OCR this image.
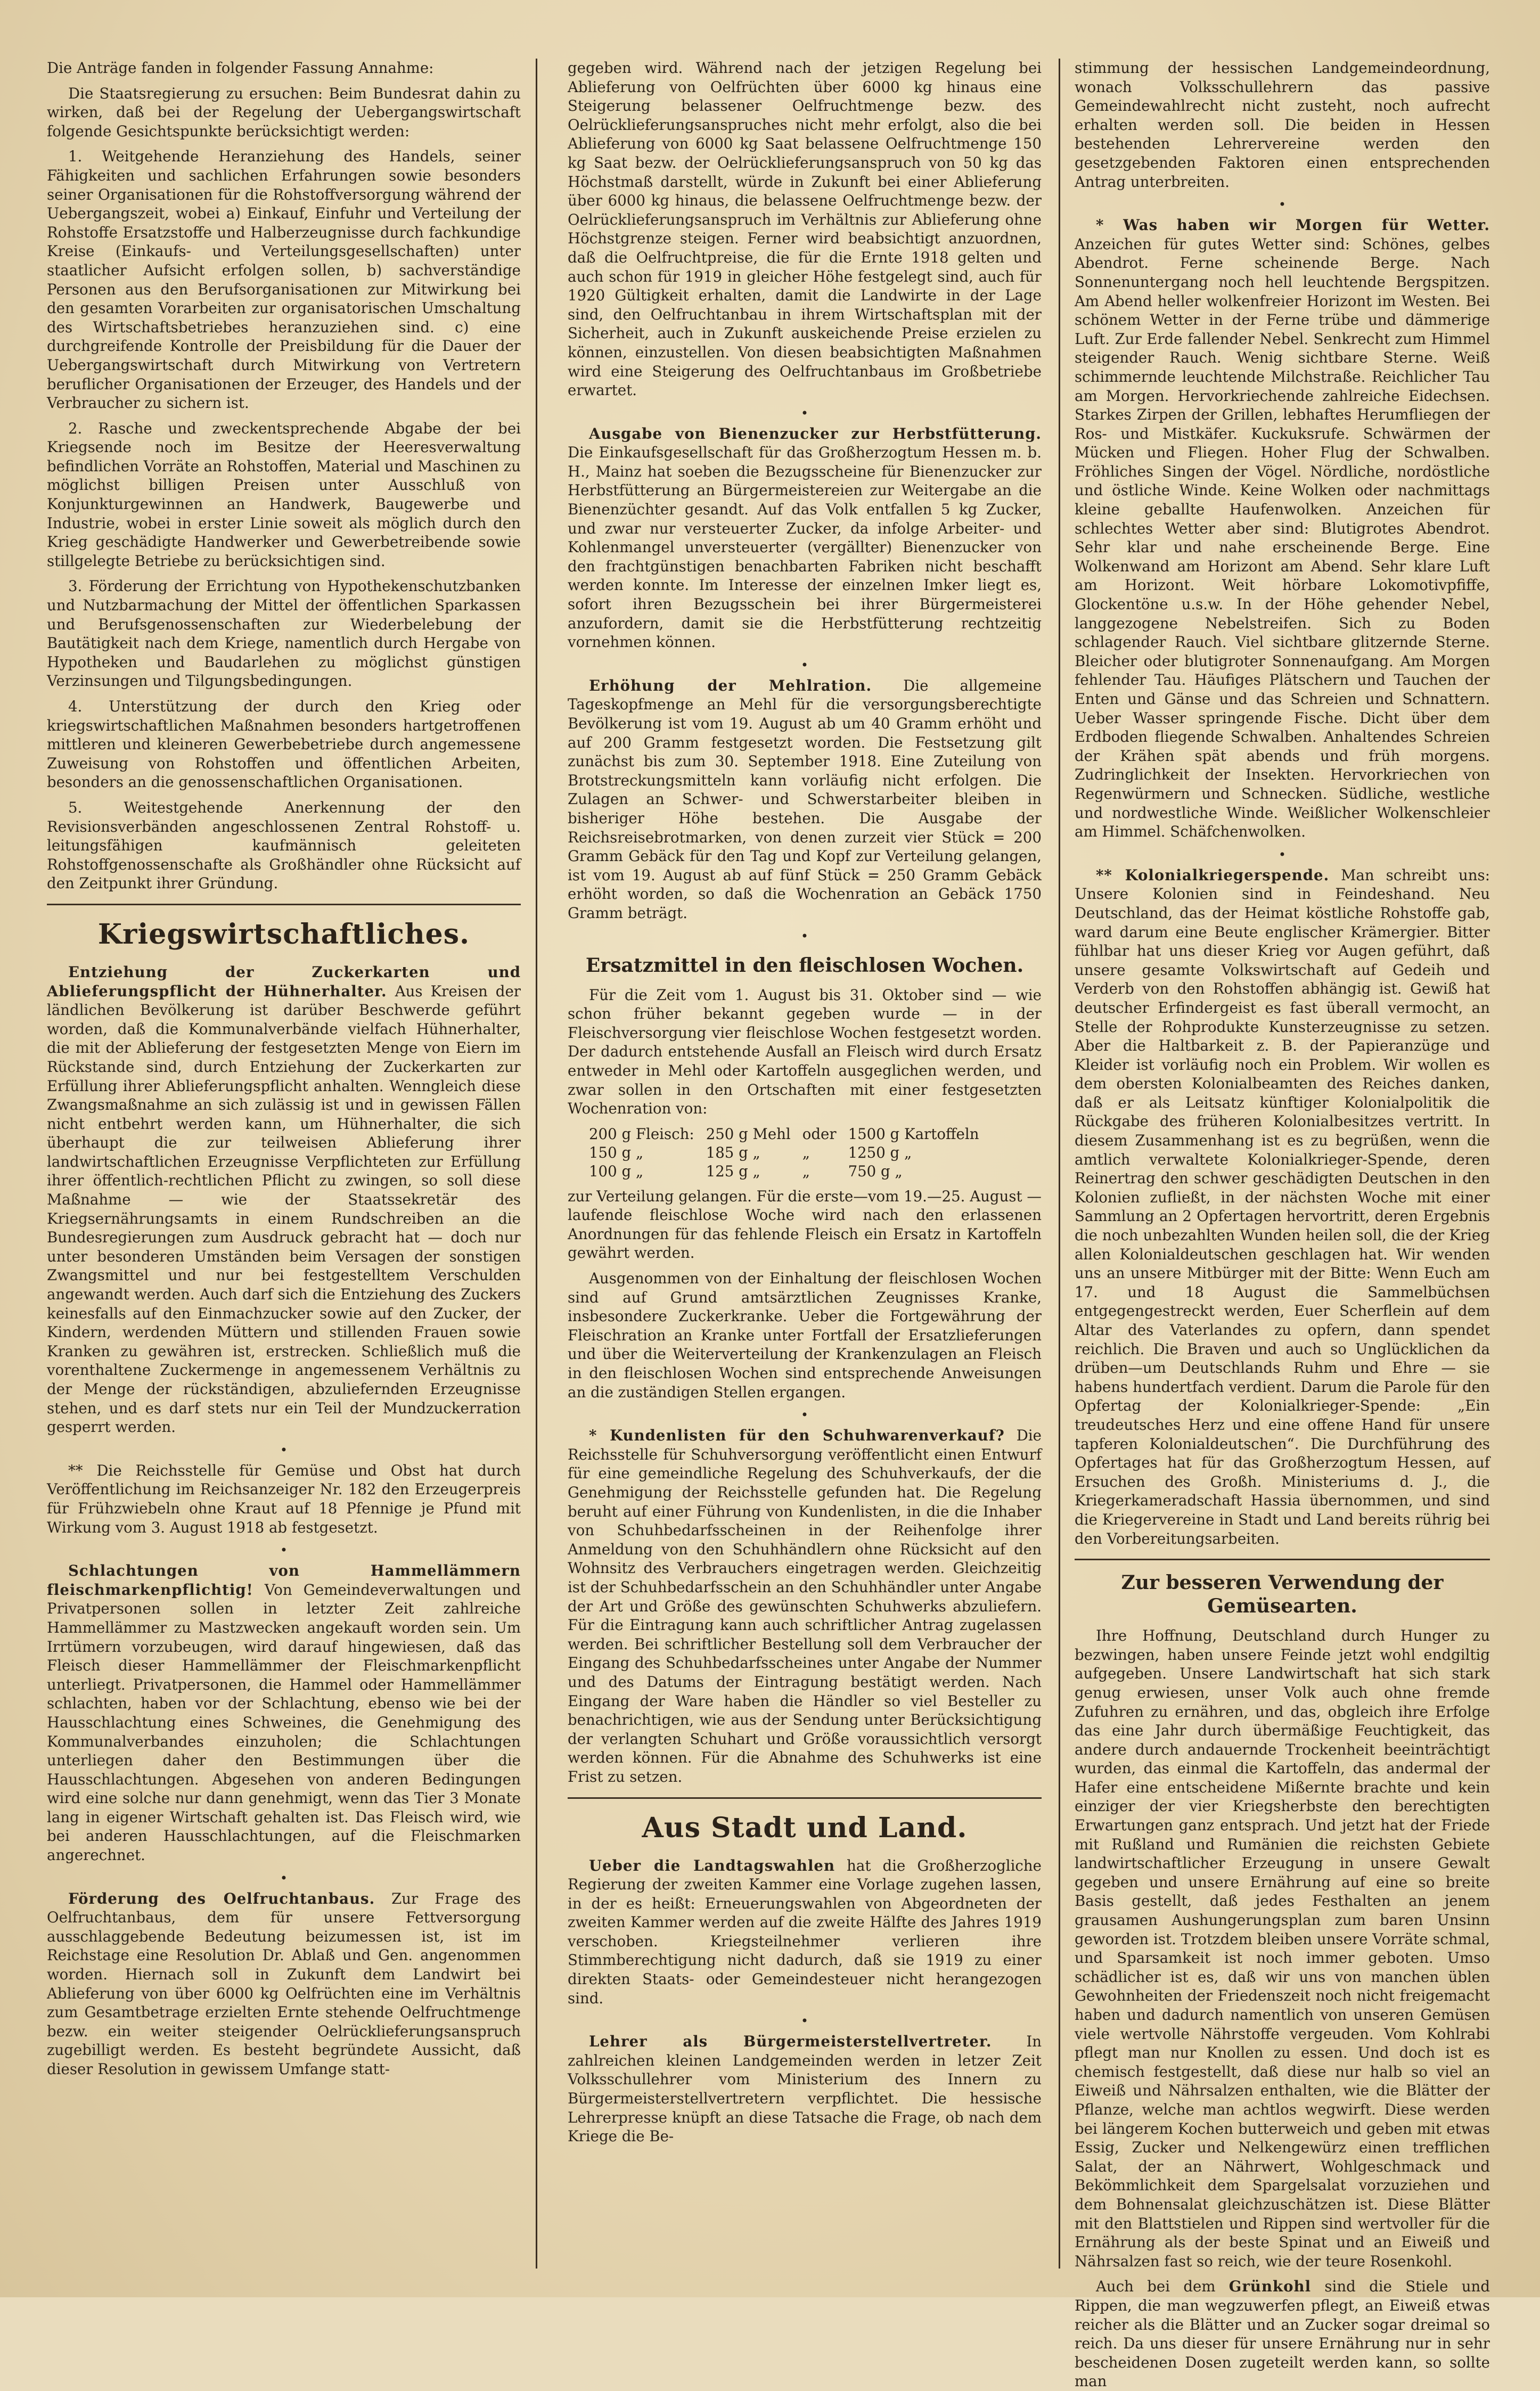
Die Anträge fanden in folgender Fassung Annahme:

Die Staatsregierung zu ersuchen: Beim Bundesrat dahin zu wirken, daß bei der Regelung der Uebergangswirtschaft folgende Gesichtspunkte berücksichtigt werden:

1. Weitgehende Heranziehung des Handels, seiner Fähigkeiten und sachlichen Erfahrungen sowie besonders seiner Organisationen für die Rohstoffversorgung während der Uebergangszeit, wobei a) Einkauf, Einfuhr und Verteilung der Rohstoffe Ersatzstoffe und Halberzeugnisse durch fachkundige Kreise (Einkaufs- und Verteilungsgesellschaften) unter staatlicher Aufsicht erfolgen sollen, b) sachverständige Personen aus den Berufsorganisationen zur Mitwirkung bei den gesamten Vorarbeiten zur organisatorischen Umschaltung des Wirtschaftsbetriebes heranzuziehen sind. c) eine durchgreifende Kontrolle der Preisbildung für die Dauer der Uebergangswirtschaft durch Mitwirkung von Vertretern beruflicher Organisationen der Erzeuger, des Handels und der Verbraucher zu sichern ist.

2. Rasche und zweckentsprechende Abgabe der bei Kriegsende noch im Besitze der Heeresverwaltung befindlichen Vorräte an Rohstoffen, Material und Maschinen zu möglichst billigen Preisen unter Ausschluß von Konjunkturgewinnen an Handwerk, Baugewerbe und Industrie, wobei in erster Linie soweit als möglich durch den Krieg geschädigte Handwerker und Gewerbetreibende sowie stillgelegte Betriebe zu berücksichtigen sind.

3. Förderung der Errichtung von Hypothekenschutzbanken und Nutzbarmachung der Mittel der öffentlichen Sparkassen und Berufsgenossenschaften zur Wiederbelebung der Bautätigkeit nach dem Kriege, namentlich durch Hergabe von Hypotheken und Baudarlehen zu möglichst günstigen Verzinsungen und Tilgungsbedingungen.

4. Unterstützung der durch den Krieg oder kriegswirtschaftlichen Maßnahmen besonders hartgetroffenen mittleren und kleineren Gewerbebetriebe durch angemessene Zuweisung von Rohstoffen und öffentlichen Arbeiten, besonders an die genossenschaftlichen Organisationen.

5. Weitestgehende Anerkennung der den Revisionsverbänden angeschlossenen Zentral Rohstoff- u. leitungsfähigen kaufmännisch geleiteten Rohstoffgenossenschafte als Großhändler ohne Rücksicht auf den Zeitpunkt ihrer Gründung.

Kriegswirtschaftliches.

Entziehung der Zuckerkarten und Ablieferungspflicht der Hühnerhalter. Aus Kreisen der ländlichen Bevölkerung ist darüber Beschwerde geführt worden, daß die Kommunalverbände vielfach Hühnerhalter, die mit der Ablieferung der festgesetzten Menge von Eiern im Rückstande sind, durch Entziehung der Zuckerkarten zur Erfüllung ihrer Ablieferungspflicht anhalten. Wenngleich diese Zwangsmaßnahme an sich zulässig ist und in gewissen Fällen nicht entbehrt werden kann, um Hühnerhalter, die sich überhaupt die zur teilweisen Ablieferung ihrer landwirtschaftlichen Erzeugnisse Verpflichteten zur Erfüllung ihrer öffentlich-rechtlichen Pflicht zu zwingen, so soll diese Maßnahme — wie der Staatssekretär des Kriegsernährungsamts in einem Rundschreiben an die Bundesregierungen zum Ausdruck gebracht hat — doch nur unter besonderen Umständen beim Versagen der sonstigen Zwangsmittel und nur bei festgestelltem Verschulden angewandt werden. Auch darf sich die Entziehung des Zuckers keinesfalls auf den Einmachzucker sowie auf den Zucker, der Kindern, werdenden Müttern und stillenden Frauen sowie Kranken zu gewähren ist, erstrecken. Schließlich muß die vorenthaltene Zuckermenge in angemessenem Verhältnis zu der Menge der rückständigen, abzuliefernden Erzeugnisse stehen, und es darf stets nur ein Teil der Mundzuckerration gesperrt werden.

•

** Die Reichsstelle für Gemüse und Obst hat durch Veröffentlichung im Reichsanzeiger Nr. 182 den Erzeugerpreis für Frühzwiebeln ohne Kraut auf 18 Pfennige je Pfund mit Wirkung vom 3. August 1918 ab festgesetzt.

•

Schlachtungen von Hammellämmern fleischmarkenpflichtig! Von Gemeindeverwaltungen und Privatpersonen sollen in letzter Zeit zahlreiche Hammellämmer zu Mastzwecken angekauft worden sein. Um Irrtümern vorzubeugen, wird darauf hingewiesen, daß das Fleisch dieser Hammellämmer der Fleischmarkenpflicht unterliegt. Privatpersonen, die Hammel oder Hammellämmer schlachten, haben vor der Schlachtung, ebenso wie bei der Hausschlachtung eines Schweines, die Genehmigung des Kommunalverbandes einzuholen; die Schlachtungen unterliegen daher den Bestimmungen über die Hausschlachtungen. Abgesehen von anderen Bedingungen wird eine solche nur dann genehmigt, wenn das Tier 3 Monate lang in eigener Wirtschaft gehalten ist. Das Fleisch wird, wie bei anderen Hausschlachtungen, auf die Fleischmarken angerechnet.

•

Förderung des Oelfruchtanbaus. Zur Frage des Oelfruchtanbaus, dem für unsere Fettversorgung ausschlaggebende Bedeutung beizumessen ist, ist im Reichstage eine Resolution Dr. Ablaß und Gen. angenommen worden. Hiernach soll in Zukunft dem Landwirt bei Ablieferung von über 6000 kg Oelfrüchten eine im Verhältnis zum Gesamtbetrage erzielten Ernte stehende Oelfruchtmenge bezw. ein weiter steigender Oelrücklieferungsanspruch zugebilligt werden. Es besteht begründete Aussicht, daß dieser Resolution in gewissem Umfange statt-

gegeben wird. Während nach der jetzigen Regelung bei Ablieferung von Oelfrüchten über 6000 kg hinaus eine Steigerung belassener Oelfruchtmenge bezw. des Oelrücklieferungsanspruches nicht mehr erfolgt, also die bei Ablieferung von 6000 kg Saat belassene Oelfruchtmenge 150 kg Saat bezw. der Oelrücklieferungsanspruch von 50 kg das Höchstmaß darstellt, würde in Zukunft bei einer Ablieferung über 6000 kg hinaus, die belassene Oelfruchtmenge bezw. der Oelrücklieferungsanspruch im Verhältnis zur Ablieferung ohne Höchstgrenze steigen. Ferner wird beabsichtigt anzuordnen, daß die Oelfruchtpreise, die für die Ernte 1918 gelten und auch schon für 1919 in gleicher Höhe festgelegt sind, auch für 1920 Gültigkeit erhalten, damit die Landwirte in der Lage sind, den Oelfruchtanbau in ihrem Wirtschaftsplan mit der Sicherheit, auch in Zukunft auskeichende Preise erzielen zu können, einzustellen. Von diesen beabsichtigten Maßnahmen wird eine Steigerung des Oelfruchtanbaus im Großbetriebe erwartet.

•

Ausgabe von Bienenzucker zur Herbstfütterung. Die Einkaufsgesellschaft für das Großherzogtum Hessen m. b. H., Mainz hat soeben die Bezugsscheine für Bienenzucker zur Herbstfütterung an Bürgermeistereien zur Weitergabe an die Bienenzüchter gesandt. Auf das Volk entfallen 5 kg Zucker, und zwar nur versteuerter Zucker, da infolge Arbeiter- und Kohlenmangel unversteuerter (vergällter) Bienenzucker von den frachtgünstigen benachbarten Fabriken nicht beschafft werden konnte. Im Interesse der einzelnen Imker liegt es, sofort ihren Bezugsschein bei ihrer Bürgermeisterei anzufordern, damit sie die Herbstfütterung rechtzeitig vornehmen können.

•

Erhöhung der Mehlration. Die allgemeine Tageskopfmenge an Mehl für die versorgungsberechtigte Bevölkerung ist vom 19. August ab um 40 Gramm erhöht und auf 200 Gramm festgesetzt worden. Die Festsetzung gilt zunächst bis zum 30. September 1918. Eine Zuteilung von Brotstreckungsmitteln kann vorläufig nicht erfolgen. Die Zulagen an Schwer- und Schwerstarbeiter bleiben in bisheriger Höhe bestehen. Die Ausgabe der Reichsreisebrotmarken, von denen zurzeit vier Stück = 200 Gramm Gebäck für den Tag und Kopf zur Verteilung gelangen, ist vom 19. August ab auf fünf Stück = 250 Gramm Gebäck erhöht worden, so daß die Wochenration an Gebäck 1750 Gramm beträgt.

•
Ersatzmittel in den fleischlosen Wochen.

Für die Zeit vom 1. August bis 31. Oktober sind — wie schon früher bekannt gegeben wurde — in der Fleischversorgung vier fleischlose Wochen festgesetzt worden. Der dadurch entstehende Ausfall an Fleisch wird durch Ersatz entweder in Mehl oder Kartoffeln ausgeglichen werden, und zwar sollen in den Ortschaften mit einer festgesetzten Wochenration von:

200 g Fleisch:	250 g Mehl	oder	1500 g Kartoffeln
150 g „	185 g „	„	1250 g „
100 g „	125 g „	„	750 g „

zur Verteilung gelangen. Für die erste—vom 19.—25. August — laufende fleischlose Woche wird nach den erlassenen Anordnungen für das fehlende Fleisch ein Ersatz in Kartoffeln gewährt werden.

Ausgenommen von der Einhaltung der fleischlosen Wochen sind auf Grund amtsärztlichen Zeugnisses Kranke, insbesondere Zuckerkranke. Ueber die Fortgewährung der Fleischration an Kranke unter Fortfall der Ersatzlieferungen und über die Weiterverteilung der Krankenzulagen an Fleisch in den fleischlosen Wochen sind entsprechende Anweisungen an die zuständigen Stellen ergangen.

•

* Kundenlisten für den Schuhwarenverkauf? Die Reichsstelle für Schuhversorgung veröffentlicht einen Entwurf für eine gemeindliche Regelung des Schuhverkaufs, der die Genehmigung der Reichsstelle gefunden hat. Die Regelung beruht auf einer Führung von Kundenlisten, in die die Inhaber von Schuhbedarfsscheinen in der Reihenfolge ihrer Anmeldung von den Schuhhändlern ohne Rücksicht auf den Wohnsitz des Verbrauchers eingetragen werden. Gleichzeitig ist der Schuhbedarfsschein an den Schuhhändler unter Angabe der Art und Größe des gewünschten Schuhwerks abzuliefern. Für die Eintragung kann auch schriftlicher Antrag zugelassen werden. Bei schriftlicher Bestellung soll dem Verbraucher der Eingang des Schuhbedarfsscheines unter Angabe der Nummer und des Datums der Eintragung bestätigt werden. Nach Eingang der Ware haben die Händler so viel Besteller zu benachrichtigen, wie aus der Sendung unter Berücksichtigung der verlangten Schuhart und Größe voraussichtlich versorgt werden können. Für die Abnahme des Schuhwerks ist eine Frist zu setzen.

Aus Stadt und Land.

Ueber die Landtagswahlen hat die Großherzogliche Regierung der zweiten Kammer eine Vorlage zugehen lassen, in der es heißt: Erneuerungswahlen von Abgeordneten der zweiten Kammer werden auf die zweite Hälfte des Jahres 1919 verschoben. Kriegsteilnehmer verlieren ihre Stimmberechtigung nicht dadurch, daß sie 1919 zu einer direkten Staats- oder Gemeindesteuer nicht herangezogen sind.

•

Lehrer als Bürgermeisterstellvertreter. In zahlreichen kleinen Landgemeinden werden in letzer Zeit Volksschullehrer vom Ministerium des Innern zu Bürgermeisterstellvertretern verpflichtet. Die hessische Lehrerpresse knüpft an diese Tatsache die Frage, ob nach dem Kriege die Be-

stimmung der hessischen Landgemeindeordnung, wonach Volksschullehrern das passive Gemeindewahlrecht nicht zusteht, noch aufrecht erhalten werden soll. Die beiden in Hessen bestehenden Lehrervereine werden den gesetzgebenden Faktoren einen entsprechenden Antrag unterbreiten.

•

* Was haben wir Morgen für Wetter. Anzeichen für gutes Wetter sind: Schönes, gelbes Abendrot. Ferne scheinende Berge. Nach Sonnenuntergang noch hell leuchtende Bergspitzen. Am Abend heller wolkenfreier Horizont im Westen. Bei schönem Wetter in der Ferne trübe und dämmerige Luft. Zur Erde fallender Nebel. Senkrecht zum Himmel steigender Rauch. Wenig sichtbare Sterne. Weiß schimmernde leuchtende Milchstraße. Reichlicher Tau am Morgen. Hervorkriechende zahlreiche Eidechsen. Starkes Zirpen der Grillen, lebhaftes Herumfliegen der Ros- und Mistkäfer. Kuckuksrufe. Schwärmen der Mücken und Fliegen. Hoher Flug der Schwalben. Fröhliches Singen der Vögel. Nördliche, nordöstliche und östliche Winde. Keine Wolken oder nachmittags kleine geballte Haufenwolken. Anzeichen für schlechtes Wetter aber sind: Blutigrotes Abendrot. Sehr klar und nahe erscheinende Berge. Eine Wolkenwand am Horizont am Abend. Sehr klare Luft am Horizont. Weit hörbare Lokomotivpfiffe, Glockentöne u.s.w. In der Höhe gehender Nebel, langgezogene Nebelstreifen. Sich zu Boden schlagender Rauch. Viel sichtbare glitzernde Sterne. Bleicher oder blutigroter Sonnenaufgang. Am Morgen fehlender Tau. Häufiges Plätschern und Tauchen der Enten und Gänse und das Schreien und Schnattern. Ueber Wasser springende Fische. Dicht über dem Erdboden fliegende Schwalben. Anhaltendes Schreien der Krähen spät abends und früh morgens. Zudringlichkeit der Insekten. Hervorkriechen von Regenwürmern und Schnecken. Südliche, westliche und nordwestliche Winde. Weißlicher Wolkenschleier am Himmel. Schäfchenwolken.

•

** Kolonialkriegerspende. Man schreibt uns: Unsere Kolonien sind in Feindeshand. Neu Deutschland, das der Heimat köstliche Rohstoffe gab, ward darum eine Beute englischer Krämergier. Bitter fühlbar hat uns dieser Krieg vor Augen geführt, daß unsere gesamte Volkswirtschaft auf Gedeih und Verderb von den Rohstoffen abhängig ist. Gewiß hat deutscher Erfindergeist es fast überall vermocht, an Stelle der Rohprodukte Kunsterzeugnisse zu setzen. Aber die Haltbarkeit z. B. der Papieranzüge und Kleider ist vorläufig noch ein Problem. Wir wollen es dem obersten Kolonialbeamten des Reiches danken, daß er als Leitsatz künftiger Kolonialpolitik die Rückgabe des früheren Kolonialbesitzes vertritt. In diesem Zusammenhang ist es zu begrüßen, wenn die amtlich verwaltete Kolonialkrieger-Spende, deren Reinertrag den schwer geschädigten Deutschen in den Kolonien zufließt, in der nächsten Woche mit einer Sammlung an 2 Opfertagen hervortritt, deren Ergebnis die noch unbezahlten Wunden heilen soll, die der Krieg allen Kolonialdeutschen geschlagen hat. Wir wenden uns an unsere Mitbürger mit der Bitte: Wenn Euch am 17. und 18 August die Sammelbüchsen entgegengestreckt werden, Euer Scherflein auf dem Altar des Vaterlandes zu opfern, dann spendet reichlich. Die Braven und auch so Unglücklichen da drüben—um Deutschlands Ruhm und Ehre — sie habens hundertfach verdient. Darum die Parole für den Opfertag der Kolonialkrieger-Spende: „Ein treudeutsches Herz und eine offene Hand für unsere tapferen Kolonialdeutschen“. Die Durchführung des Opfertages hat für das Großherzogtum Hessen, auf Ersuchen des Großh. Ministeriums d. J., die Kriegerkameradschaft Hassia übernommen, und sind die Kriegervereine in Stadt und Land bereits rührig bei den Vorbereitungsarbeiten.

Zur besseren Verwendung der Gemüsearten.

Ihre Hoffnung, Deutschland durch Hunger zu bezwingen, haben unsere Feinde jetzt wohl endgiltig aufgegeben. Unsere Landwirtschaft hat sich stark genug erwiesen, unser Volk auch ohne fremde Zufuhren zu ernähren, und das, obgleich ihre Erfolge das eine Jahr durch übermäßige Feuchtigkeit, das andere durch andauernde Trockenheit beeinträchtigt wurden, das einmal die Kartoffeln, das andermal der Hafer eine entscheidene Mißernte brachte und kein einziger der vier Kriegsherbste den berechtigten Erwartungen ganz entsprach. Und jetzt hat der Friede mit Rußland und Rumänien die reichsten Gebiete landwirtschaftlicher Erzeugung in unsere Gewalt gegeben und unsere Ernährung auf eine so breite Basis gestellt, daß jedes Festhalten an jenem grausamen Aushungerungsplan zum baren Unsinn geworden ist. Trotzdem bleiben unsere Vorräte schmal, und Sparsamkeit ist noch immer geboten. Umso schädlicher ist es, daß wir uns von manchen üblen Gewohnheiten der Friedenszeit noch nicht freigemacht haben und dadurch namentlich von unseren Gemüsen viele wertvolle Nährstoffe vergeuden. Vom Kohlrabi pflegt man nur Knollen zu essen. Und doch ist es chemisch festgestellt, daß diese nur halb so viel an Eiweiß und Nährsalzen enthalten, wie die Blätter der Pflanze, welche man achtlos wegwirft. Diese werden bei längerem Kochen butterweich und geben mit etwas Essig, Zucker und Nelkengewürz einen trefflichen Salat, der an Nährwert, Wohlgeschmack und Bekömmlichkeit dem Spargelsalat vorzuziehen und dem Bohnensalat gleichzuschätzen ist. Diese Blätter mit den Blattstielen und Rippen sind wertvoller für die Ernährung als der beste Spinat und an Eiweiß und Nährsalzen fast so reich, wie der teure Rosenkohl.

Auch bei dem Grünkohl sind die Stiele und Rippen, die man wegzuwerfen pflegt, an Eiweiß etwas reicher als die Blätter und an Zucker sogar dreimal so reich. Da uns dieser für unsere Ernährung nur in sehr bescheidenen Dosen zugeteilt werden kann, so sollte man
